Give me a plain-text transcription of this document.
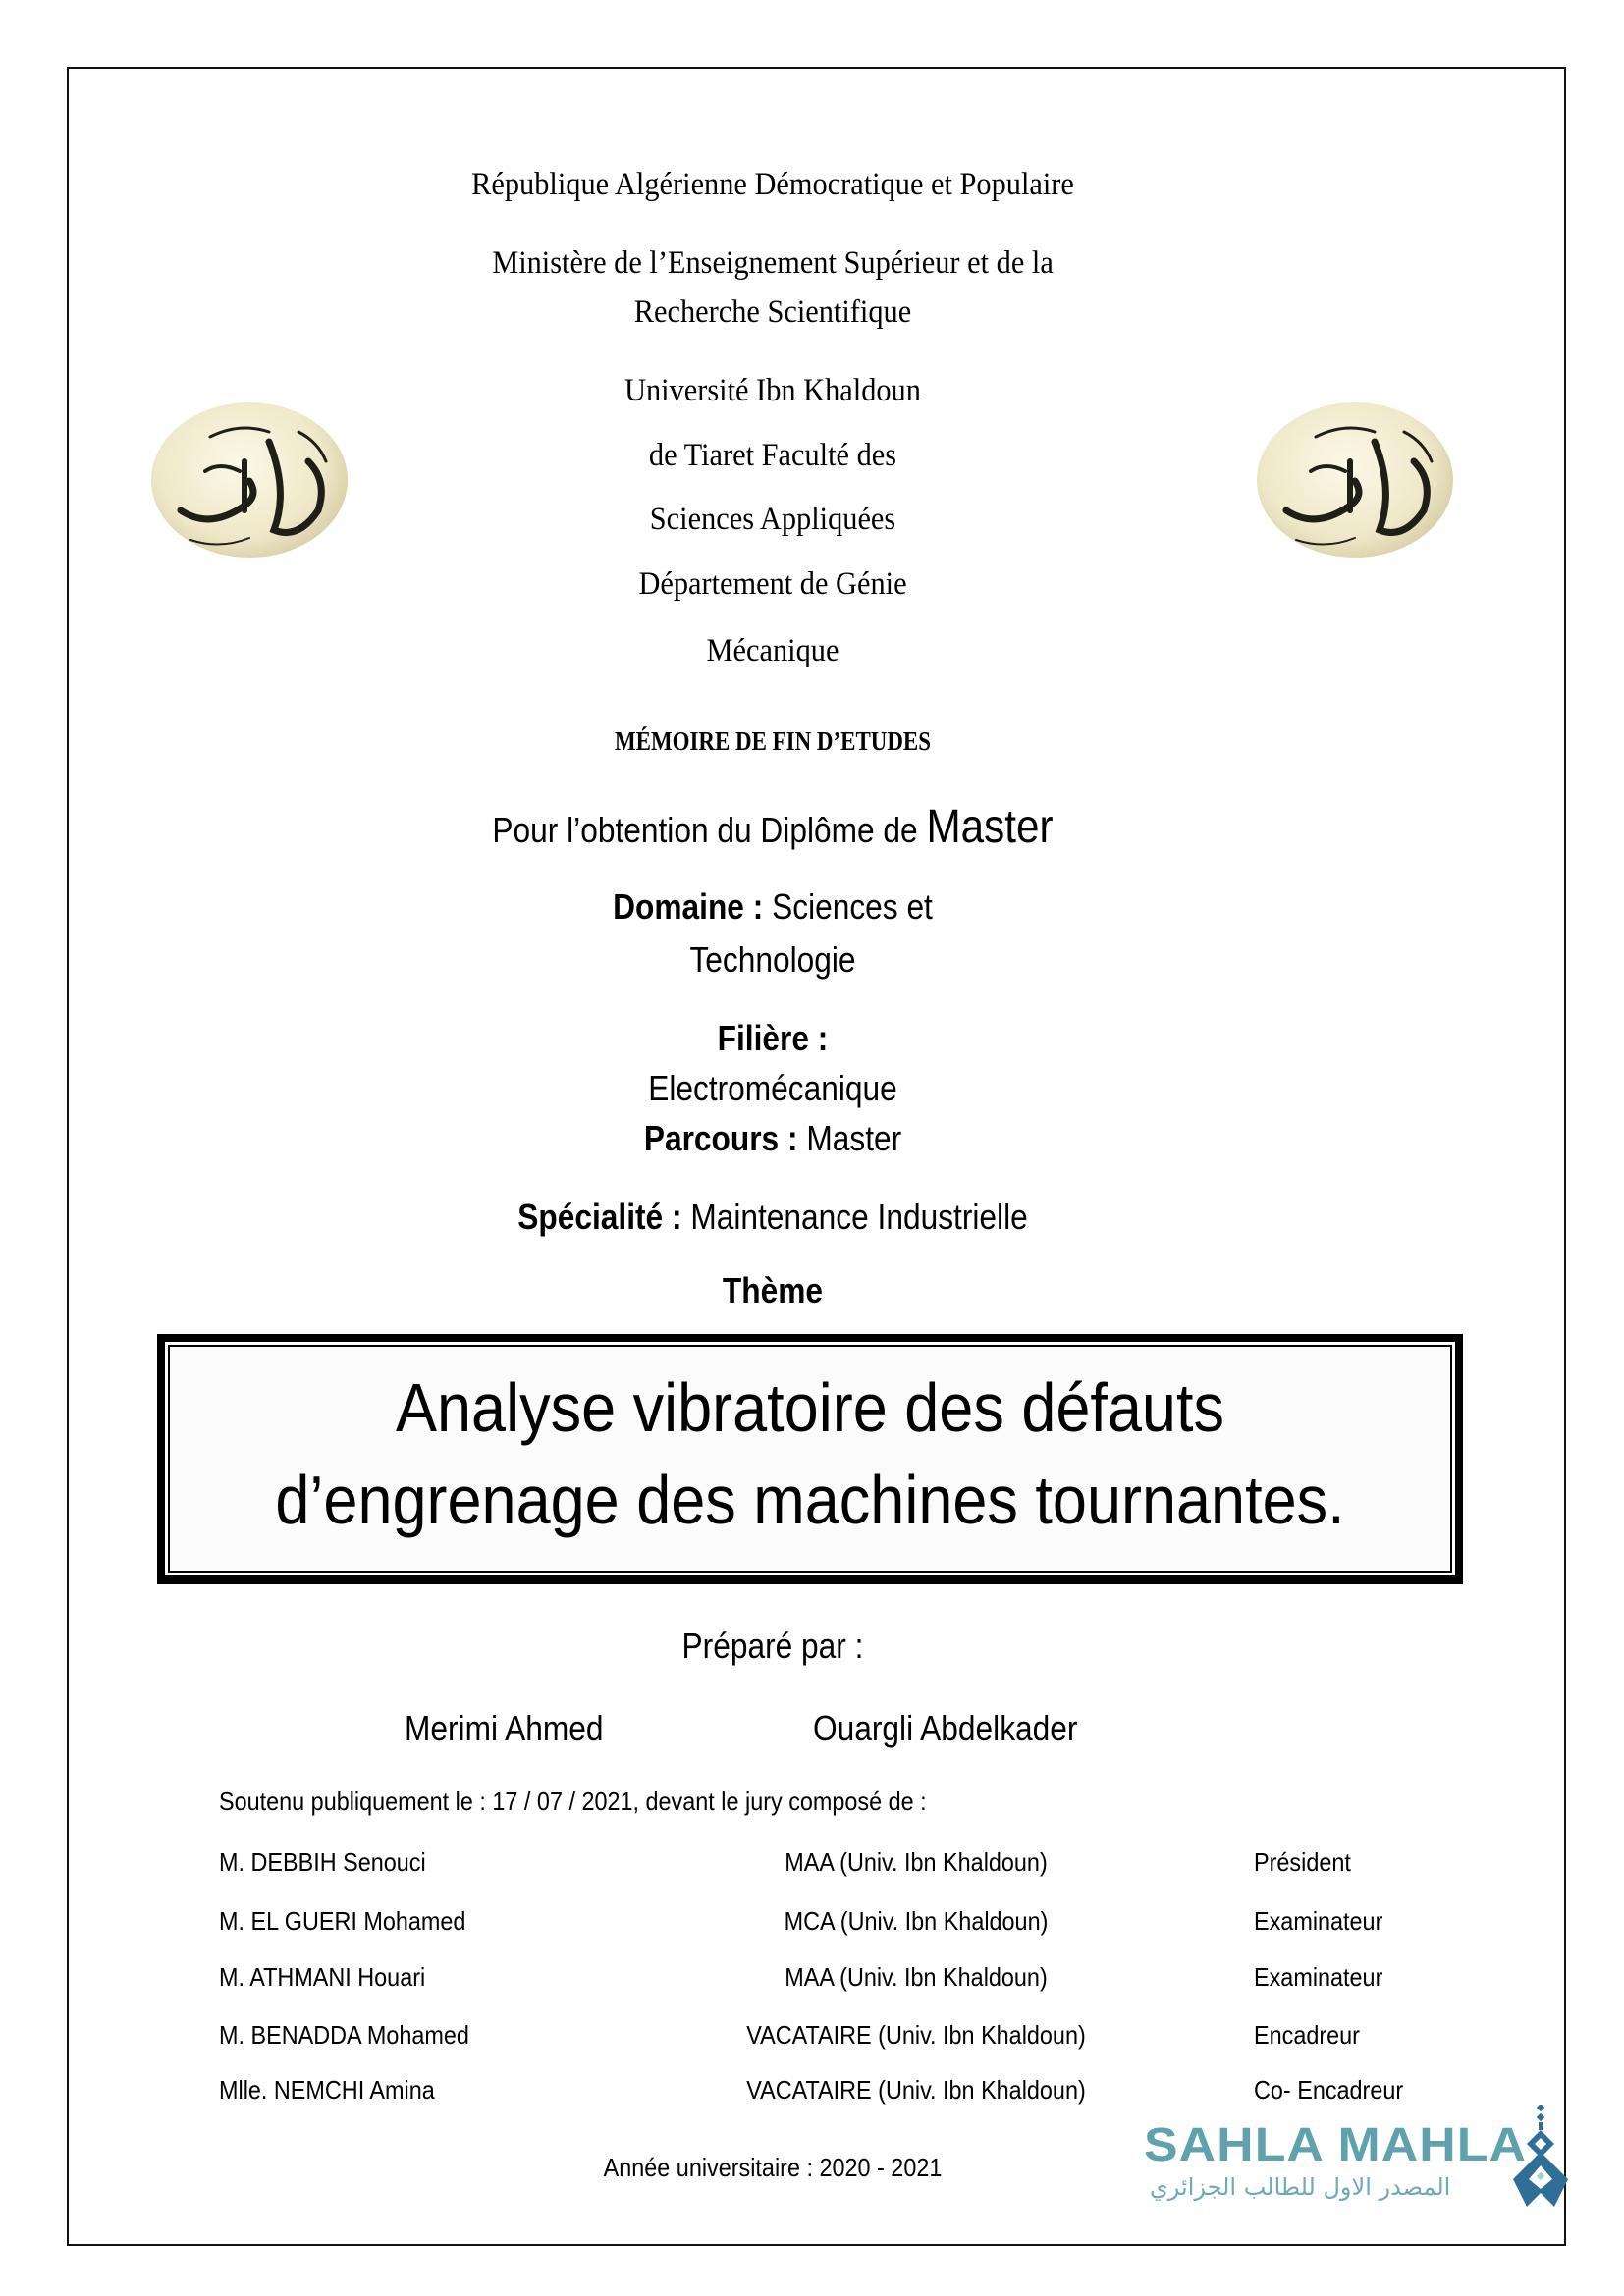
République Algérienne Démocratique et Populaire
Ministère de l’Enseignement Supérieur et de la
Recherche Scientifique
Université Ibn Khaldoun
de Tiaret Faculté des
Sciences Appliquées
Département de Génie
Mécanique
MÉMOIRE DE FIN D’ETUDES
Pour l’obtention du Diplôme de Master
Domaine : Sciences et
Technologie
Filière :
Electromécanique
Parcours : Master
Spécialité : Maintenance Industrielle
Thème
Analyse vibratoire des défauts
d’engrenage des machines tournantes.
Préparé par :
Merimi Ahmed	Ouargli Abdelkader
Soutenu publiquement le : 17 / 07 / 2021, devant le jury composé de :
M. DEBBIH Senouci	MAA (Univ. Ibn Khaldoun)	Président
M. EL GUERI Mohamed	MCA (Univ. Ibn Khaldoun)	Examinateur
M. ATHMANI Houari	MAA (Univ. Ibn Khaldoun)	Examinateur
M. BENADDA Mohamed	VACATAIRE (Univ. Ibn Khaldoun)	Encadreur
Mlle. NEMCHI Amina	VACATAIRE (Univ. Ibn Khaldoun)	Co- Encadreur
Année universitaire : 2020 - 2021	SAHLA MAHLA
المصدر الاول للطالب الجزائري
